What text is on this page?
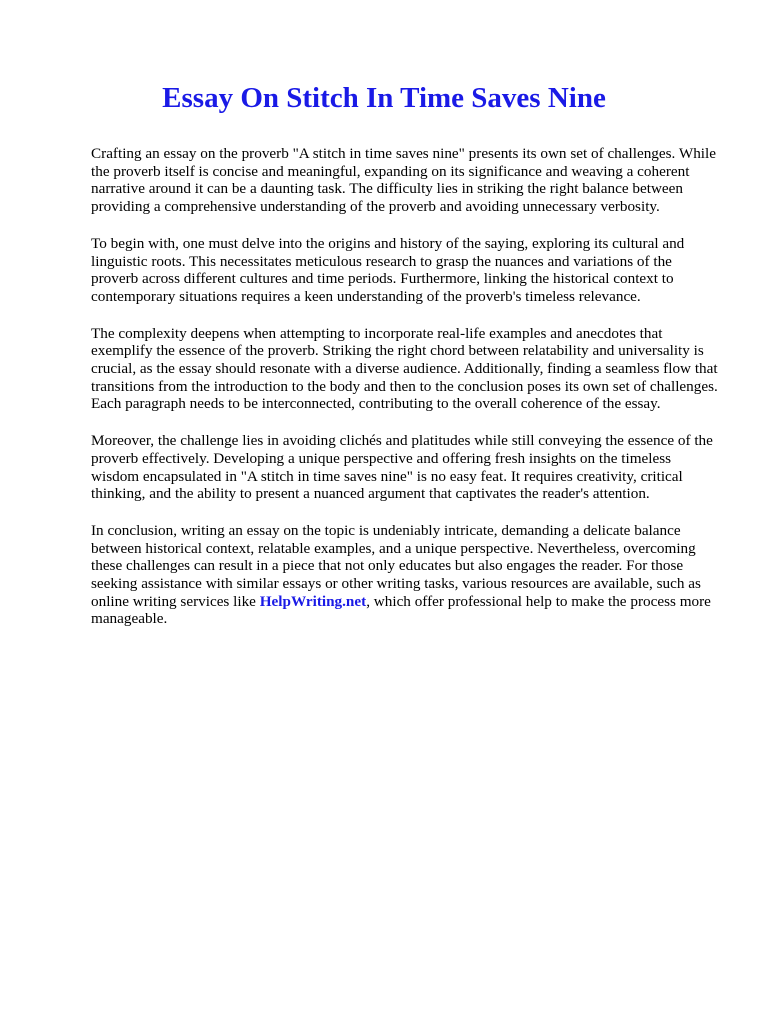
Essay On Stitch In Time Saves Nine

Crafting an essay on the proverb "A stitch in time saves nine" presents its own set of challenges. While the proverb itself is concise and meaningful, expanding on its significance and weaving a coherent narrative around it can be a daunting task. The difficulty lies in striking the right balance between providing a comprehensive understanding of the proverb and avoiding unnecessary verbosity.

To begin with, one must delve into the origins and history of the saying, exploring its cultural and linguistic roots. This necessitates meticulous research to grasp the nuances and variations of the proverb across different cultures and time periods. Furthermore, linking the historical context to contemporary situations requires a keen understanding of the proverb's timeless relevance.

The complexity deepens when attempting to incorporate real-life examples and anecdotes that exemplify the essence of the proverb. Striking the right chord between relatability and universality is crucial, as the essay should resonate with a diverse audience. Additionally, finding a seamless flow that transitions from the introduction to the body and then to the conclusion poses its own set of challenges. Each paragraph needs to be interconnected, contributing to the overall coherence of the essay.

Moreover, the challenge lies in avoiding clichés and platitudes while still conveying the essence of the proverb effectively. Developing a unique perspective and offering fresh insights on the timeless wisdom encapsulated in "A stitch in time saves nine" is no easy feat. It requires creativity, critical thinking, and the ability to present a nuanced argument that captivates the reader's attention.

In conclusion, writing an essay on the topic is undeniably intricate, demanding a delicate balance between historical context, relatable examples, and a unique perspective. Nevertheless, overcoming these challenges can result in a piece that not only educates but also engages the reader. For those seeking assistance with similar essays or other writing tasks, various resources are available, such as online writing services like HelpWriting.net, which offer professional help to make the process more manageable.
